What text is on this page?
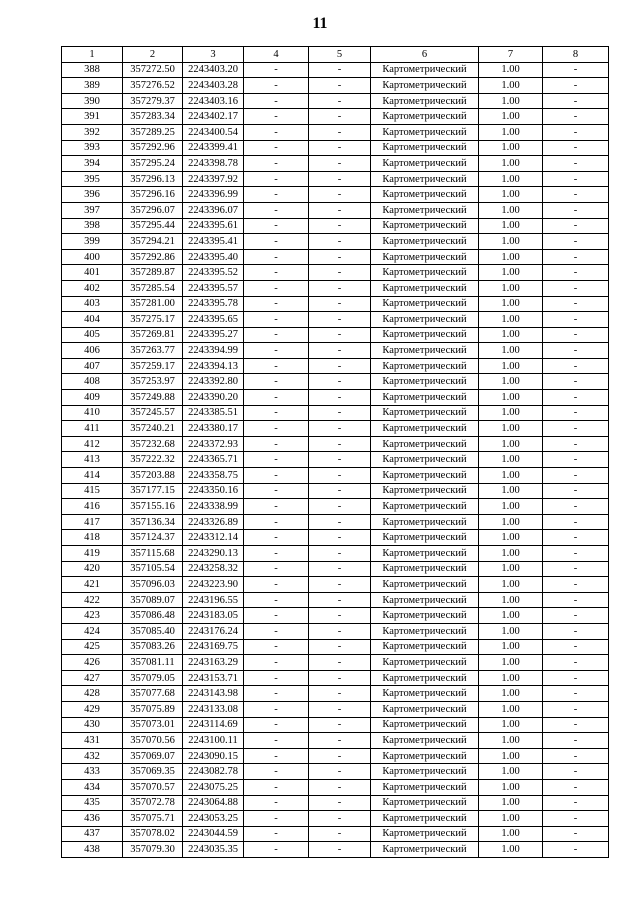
11
1	2	3	4	5	6	7	8
388	357272.50	2243403.20	-	-	Картометрический	1.00	-
389	357276.52	2243403.28	-	-	Картометрический	1.00	-
390	357279.37	2243403.16	-	-	Картометрический	1.00	-
391	357283.34	2243402.17	-	-	Картометрический	1.00	-
392	357289.25	2243400.54	-	-	Картометрический	1.00	-
393	357292.96	2243399.41	-	-	Картометрический	1.00	-
394	357295.24	2243398.78	-	-	Картометрический	1.00	-
395	357296.13	2243397.92	-	-	Картометрический	1.00	-
396	357296.16	2243396.99	-	-	Картометрический	1.00	-
397	357296.07	2243396.07	-	-	Картометрический	1.00	-
398	357295.44	2243395.61	-	-	Картометрический	1.00	-
399	357294.21	2243395.41	-	-	Картометрический	1.00	-
400	357292.86	2243395.40	-	-	Картометрический	1.00	-
401	357289.87	2243395.52	-	-	Картометрический	1.00	-
402	357285.54	2243395.57	-	-	Картометрический	1.00	-
403	357281.00	2243395.78	-	-	Картометрический	1.00	-
404	357275.17	2243395.65	-	-	Картометрический	1.00	-
405	357269.81	2243395.27	-	-	Картометрический	1.00	-
406	357263.77	2243394.99	-	-	Картометрический	1.00	-
407	357259.17	2243394.13	-	-	Картометрический	1.00	-
408	357253.97	2243392.80	-	-	Картометрический	1.00	-
409	357249.88	2243390.20	-	-	Картометрический	1.00	-
410	357245.57	2243385.51	-	-	Картометрический	1.00	-
411	357240.21	2243380.17	-	-	Картометрический	1.00	-
412	357232.68	2243372.93	-	-	Картометрический	1.00	-
413	357222.32	2243365.71	-	-	Картометрический	1.00	-
414	357203.88	2243358.75	-	-	Картометрический	1.00	-
415	357177.15	2243350.16	-	-	Картометрический	1.00	-
416	357155.16	2243338.99	-	-	Картометрический	1.00	-
417	357136.34	2243326.89	-	-	Картометрический	1.00	-
418	357124.37	2243312.14	-	-	Картометрический	1.00	-
419	357115.68	2243290.13	-	-	Картометрический	1.00	-
420	357105.54	2243258.32	-	-	Картометрический	1.00	-
421	357096.03	2243223.90	-	-	Картометрический	1.00	-
422	357089.07	2243196.55	-	-	Картометрический	1.00	-
423	357086.48	2243183.05	-	-	Картометрический	1.00	-
424	357085.40	2243176.24	-	-	Картометрический	1.00	-
425	357083.26	2243169.75	-	-	Картометрический	1.00	-
426	357081.11	2243163.29	-	-	Картометрический	1.00	-
427	357079.05	2243153.71	-	-	Картометрический	1.00	-
428	357077.68	2243143.98	-	-	Картометрический	1.00	-
429	357075.89	2243133.08	-	-	Картометрический	1.00	-
430	357073.01	2243114.69	-	-	Картометрический	1.00	-
431	357070.56	2243100.11	-	-	Картометрический	1.00	-
432	357069.07	2243090.15	-	-	Картометрический	1.00	-
433	357069.35	2243082.78	-	-	Картометрический	1.00	-
434	357070.57	2243075.25	-	-	Картометрический	1.00	-
435	357072.78	2243064.88	-	-	Картометрический	1.00	-
436	357075.71	2243053.25	-	-	Картометрический	1.00	-
437	357078.02	2243044.59	-	-	Картометрический	1.00	-
438	357079.30	2243035.35	-	-	Картометрический	1.00	-
